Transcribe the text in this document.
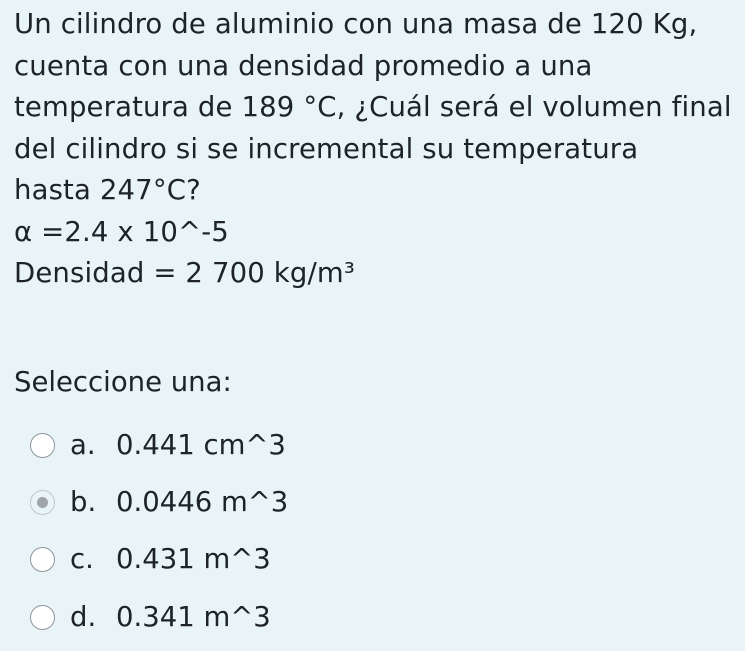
Un cilindro de aluminio con una masa de 120 Kg,
cuenta con una densidad promedio a una
temperatura de 189 °C, ¿Cuál será el volumen final
del cilindro si se incremental su temperatura
hasta 247°C?
α =2.4 x 10^-5
Densidad = 2 700 kg/m³
Seleccione una:
a. 0.441 cm^3
b. 0.0446 m^3
c. 0.431 m^3
d. 0.341 m^3
